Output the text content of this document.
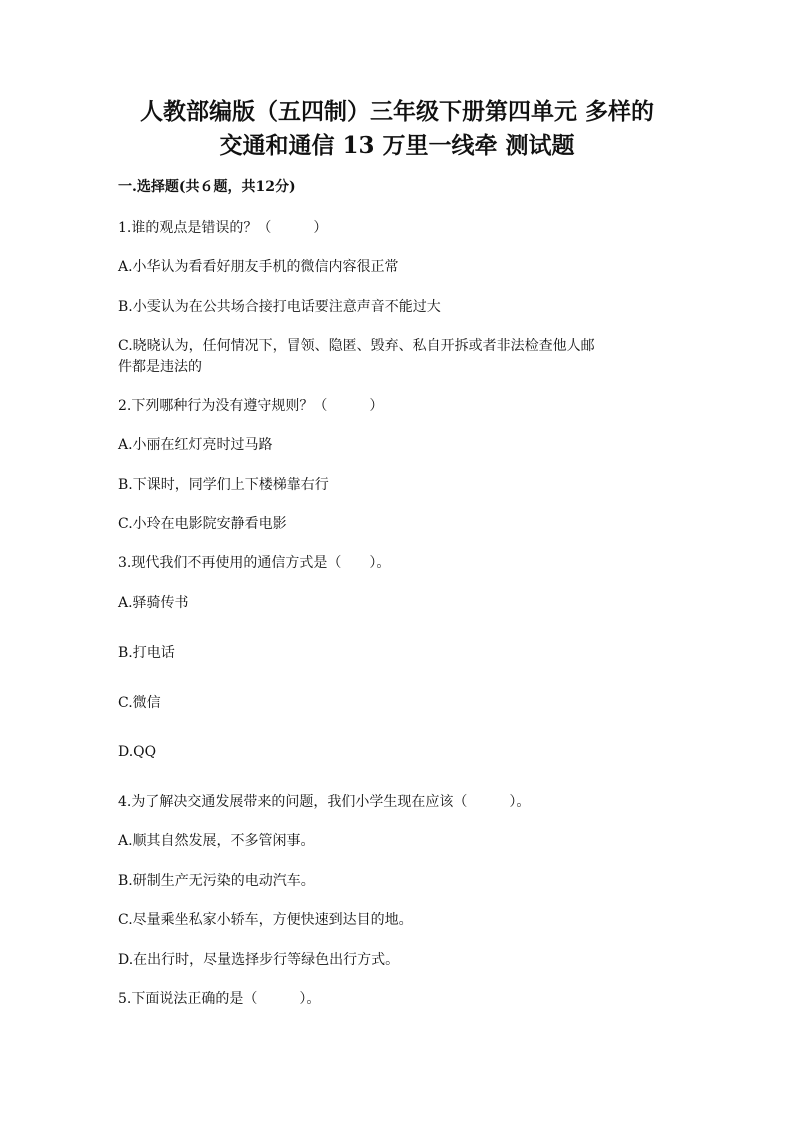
人教部编版（五四制）三年级下册第四单元 多样的
交通和通信 13 万里一线牵 测试题
一.选择题(共６题，共12分)
1.谁的观点是错误的？（　　　）
A.小华认为看看好朋友手机的微信内容很正常
B.小雯认为在公共场合接打电话要注意声音不能过大
C.晓晓认为，任何情况下，冒领、隐匿、毁弃、私自开拆或者非法检查他人邮
件都是违法的
2.下列哪种行为没有遵守规则？（　　　）
A.小丽在红灯亮时过马路
B.下课时，同学们上下楼梯靠右行
C.小玲在电影院安静看电影
3.现代我们不再使用的通信方式是（　　）。
A.驿骑传书
B.打电话
C.微信
D.QQ
4.为了解决交通发展带来的问题，我们小学生现在应该（　　　）。
A.顺其自然发展，不多管闲事。
B.研制生产无污染的电动汽车。
C.尽量乘坐私家小轿车，方便快速到达目的地。
D.在出行时，尽量选择步行等绿色出行方式。
5.下面说法正确的是（　　　）。
